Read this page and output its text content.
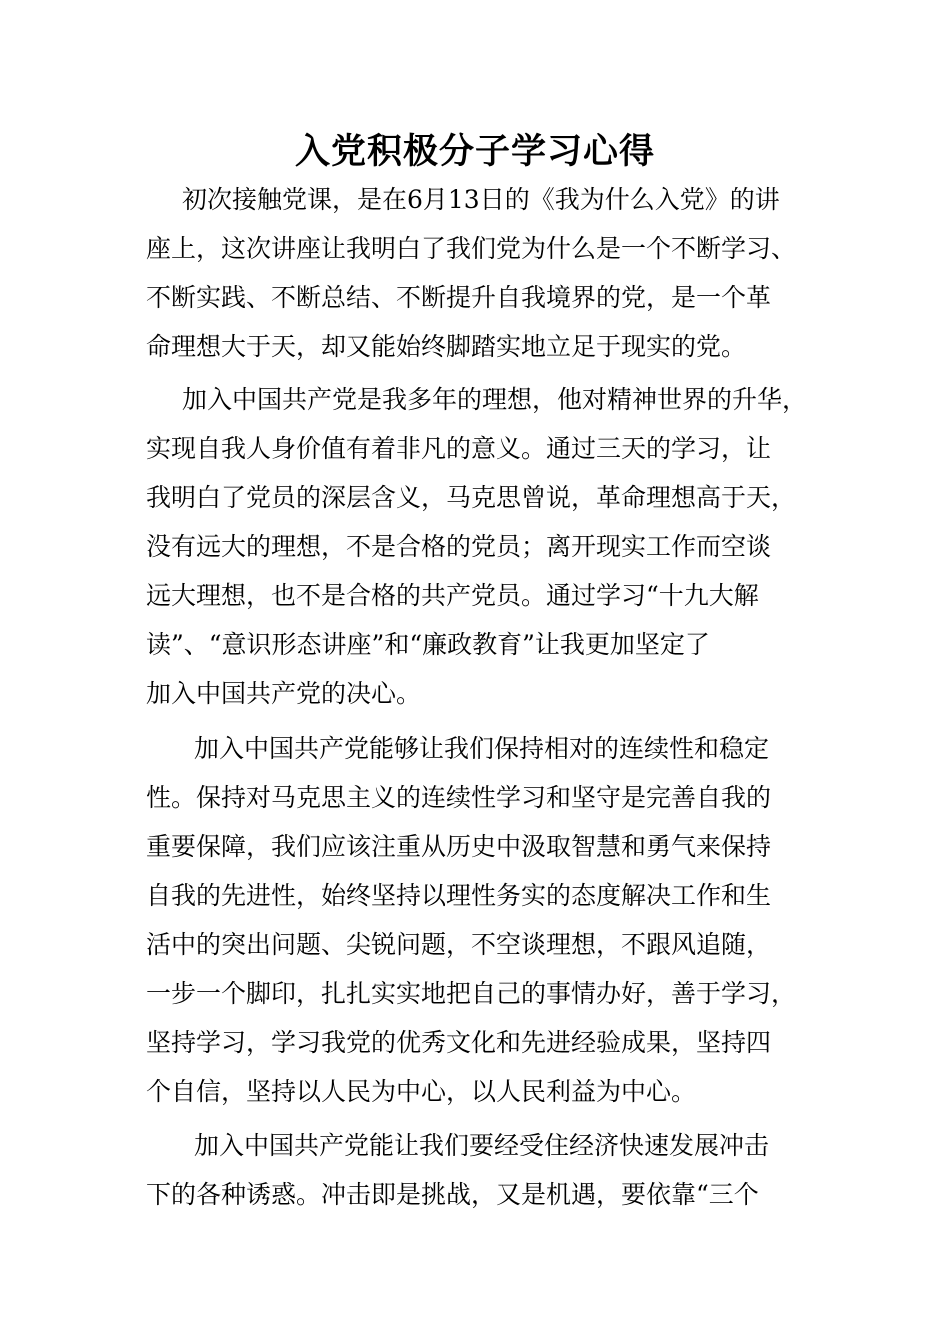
入党积极分子学习心得
初次接触党课，是在6月13日的《我为什么入党》的讲
座上，这次讲座让我明白了我们党为什么是一个不断学习、
不断实践、不断总结、不断提升自我境界的党，是一个革
命理想大于天，却又能始终脚踏实地立足于现实的党。
加入中国共产党是我多年的理想，他对精神世界的升华，
实现自我人身价值有着非凡的意义。通过三天的学习，让
我明白了党员的深层含义，马克思曾说，革命理想高于天，
没有远大的理想，不是合格的党员；离开现实工作而空谈
远大理想，也不是合格的共产党员。通过学习“十九大解
读”、“意识形态讲座”和“廉政教育”让我更加坚定了
加入中国共产党的决心。
加入中国共产党能够让我们保持相对的连续性和稳定
性。保持对马克思主义的连续性学习和坚守是完善自我的
重要保障，我们应该注重从历史中汲取智慧和勇气来保持
自我的先进性，始终坚持以理性务实的态度解决工作和生
活中的突出问题、尖锐问题，不空谈理想，不跟风追随，
一步一个脚印，扎扎实实地把自己的事情办好，善于学习，
坚持学习，学习我党的优秀文化和先进经验成果，坚持四
个自信，坚持以人民为中心，以人民利益为中心。
加入中国共产党能让我们要经受住经济快速发展冲击
下的各种诱惑。冲击即是挑战，又是机遇，要依靠“三个
